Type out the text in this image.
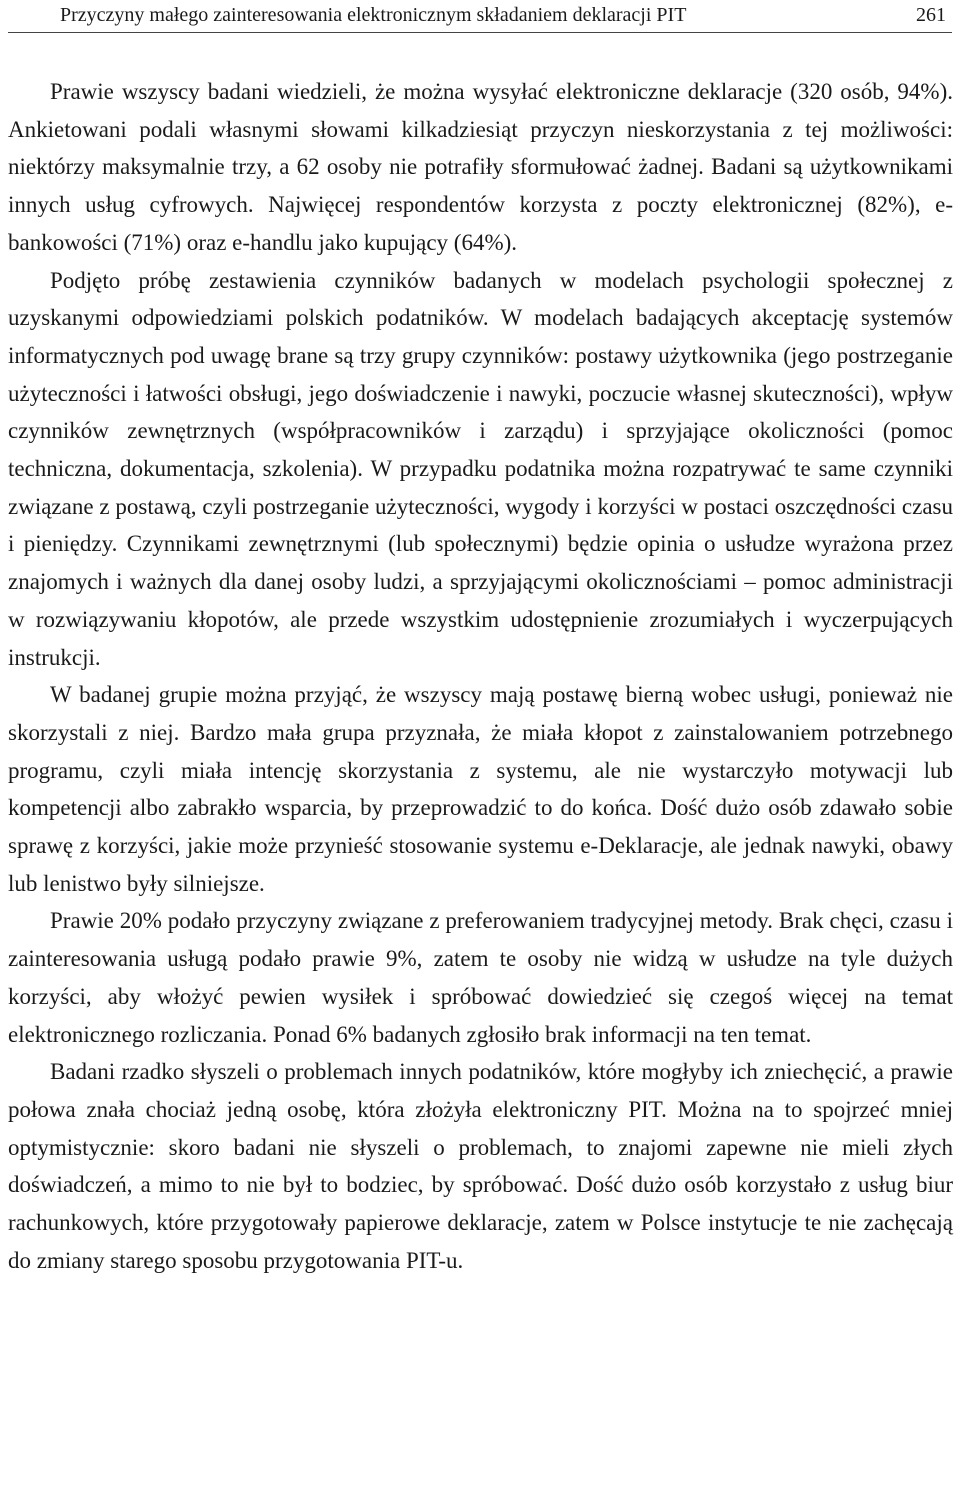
Przyczyny małego zainteresowania elektronicznym składaniem deklaracji PIT	261

Prawie wszyscy badani wiedzieli, że można wysyłać elektroniczne deklaracje (320 osób, 94%). Ankietowani podali własnymi słowami kilkadziesiąt przyczyn nieskorzystania z tej możliwości: niektórzy maksymalnie trzy, a 62 osoby nie potrafiły sformułować żadnej. Badani są użytkownikami innych usług cyfrowych. Najwięcej respondentów korzysta z poczty elektronicznej (82%), e-bankowości (71%) oraz e-handlu jako kupujący (64%).

Podjęto próbę zestawienia czynników badanych w modelach psychologii społecznej z uzyskanymi odpowiedziami polskich podatników. W modelach badających akceptację systemów informatycznych pod uwagę brane są trzy grupy czynników: postawy użytkownika (jego postrzeganie użyteczności i łatwości obsługi, jego doświadczenie i nawyki, poczucie własnej skuteczności), wpływ czynników zewnętrznych (współpracowników i zarządu) i sprzyjające okoliczności (pomoc techniczna, dokumentacja, szkolenia). W przypadku podatnika można rozpatrywać te same czynniki związane z postawą, czyli postrzeganie użyteczności, wygody i korzyści w postaci oszczędności czasu i pieniędzy. Czynnikami zewnętrznymi (lub społecznymi) będzie opinia o usłudze wyrażona przez znajomych i ważnych dla danej osoby ludzi, a sprzyjającymi okolicznościami – pomoc administracji w rozwiązywaniu kłopotów, ale przede wszystkim udostępnienie zrozumiałych i wyczerpujących instrukcji.

W badanej grupie można przyjąć, że wszyscy mają postawę bierną wobec usługi, ponieważ nie skorzystali z niej. Bardzo mała grupa przyznała, że miała kłopot z zainstalowaniem potrzebnego programu, czyli miała intencję skorzystania z systemu, ale nie wystarczyło motywacji lub kompetencji albo zabrakło wsparcia, by przeprowadzić to do końca. Dość dużo osób zdawało sobie sprawę z korzyści, jakie może przynieść stosowanie systemu e-Deklaracje, ale jednak nawyki, obawy lub lenistwo były silniejsze.

Prawie 20% podało przyczyny związane z preferowaniem tradycyjnej metody. Brak chęci, czasu i zainteresowania usługą podało prawie 9%, zatem te osoby nie widzą w usłudze na tyle dużych korzyści, aby włożyć pewien wysiłek i spróbować dowiedzieć się czegoś więcej na temat elektronicznego rozliczania. Ponad 6% badanych zgłosiło brak informacji na ten temat.

Badani rzadko słyszeli o problemach innych podatników, które mogłyby ich zniechęcić, a prawie połowa znała chociaż jedną osobę, która złożyła elektroniczny PIT. Można na to spojrzeć mniej optymistycznie: skoro badani nie słyszeli o problemach, to znajomi zapewne nie mieli złych doświadczeń, a mimo to nie był to bodziec, by spróbować. Dość dużo osób korzystało z usług biur rachunkowych, które przygotowały papierowe deklaracje, zatem w Polsce instytucje te nie zachęcają do zmiany starego sposobu przygotowania PIT-u.
